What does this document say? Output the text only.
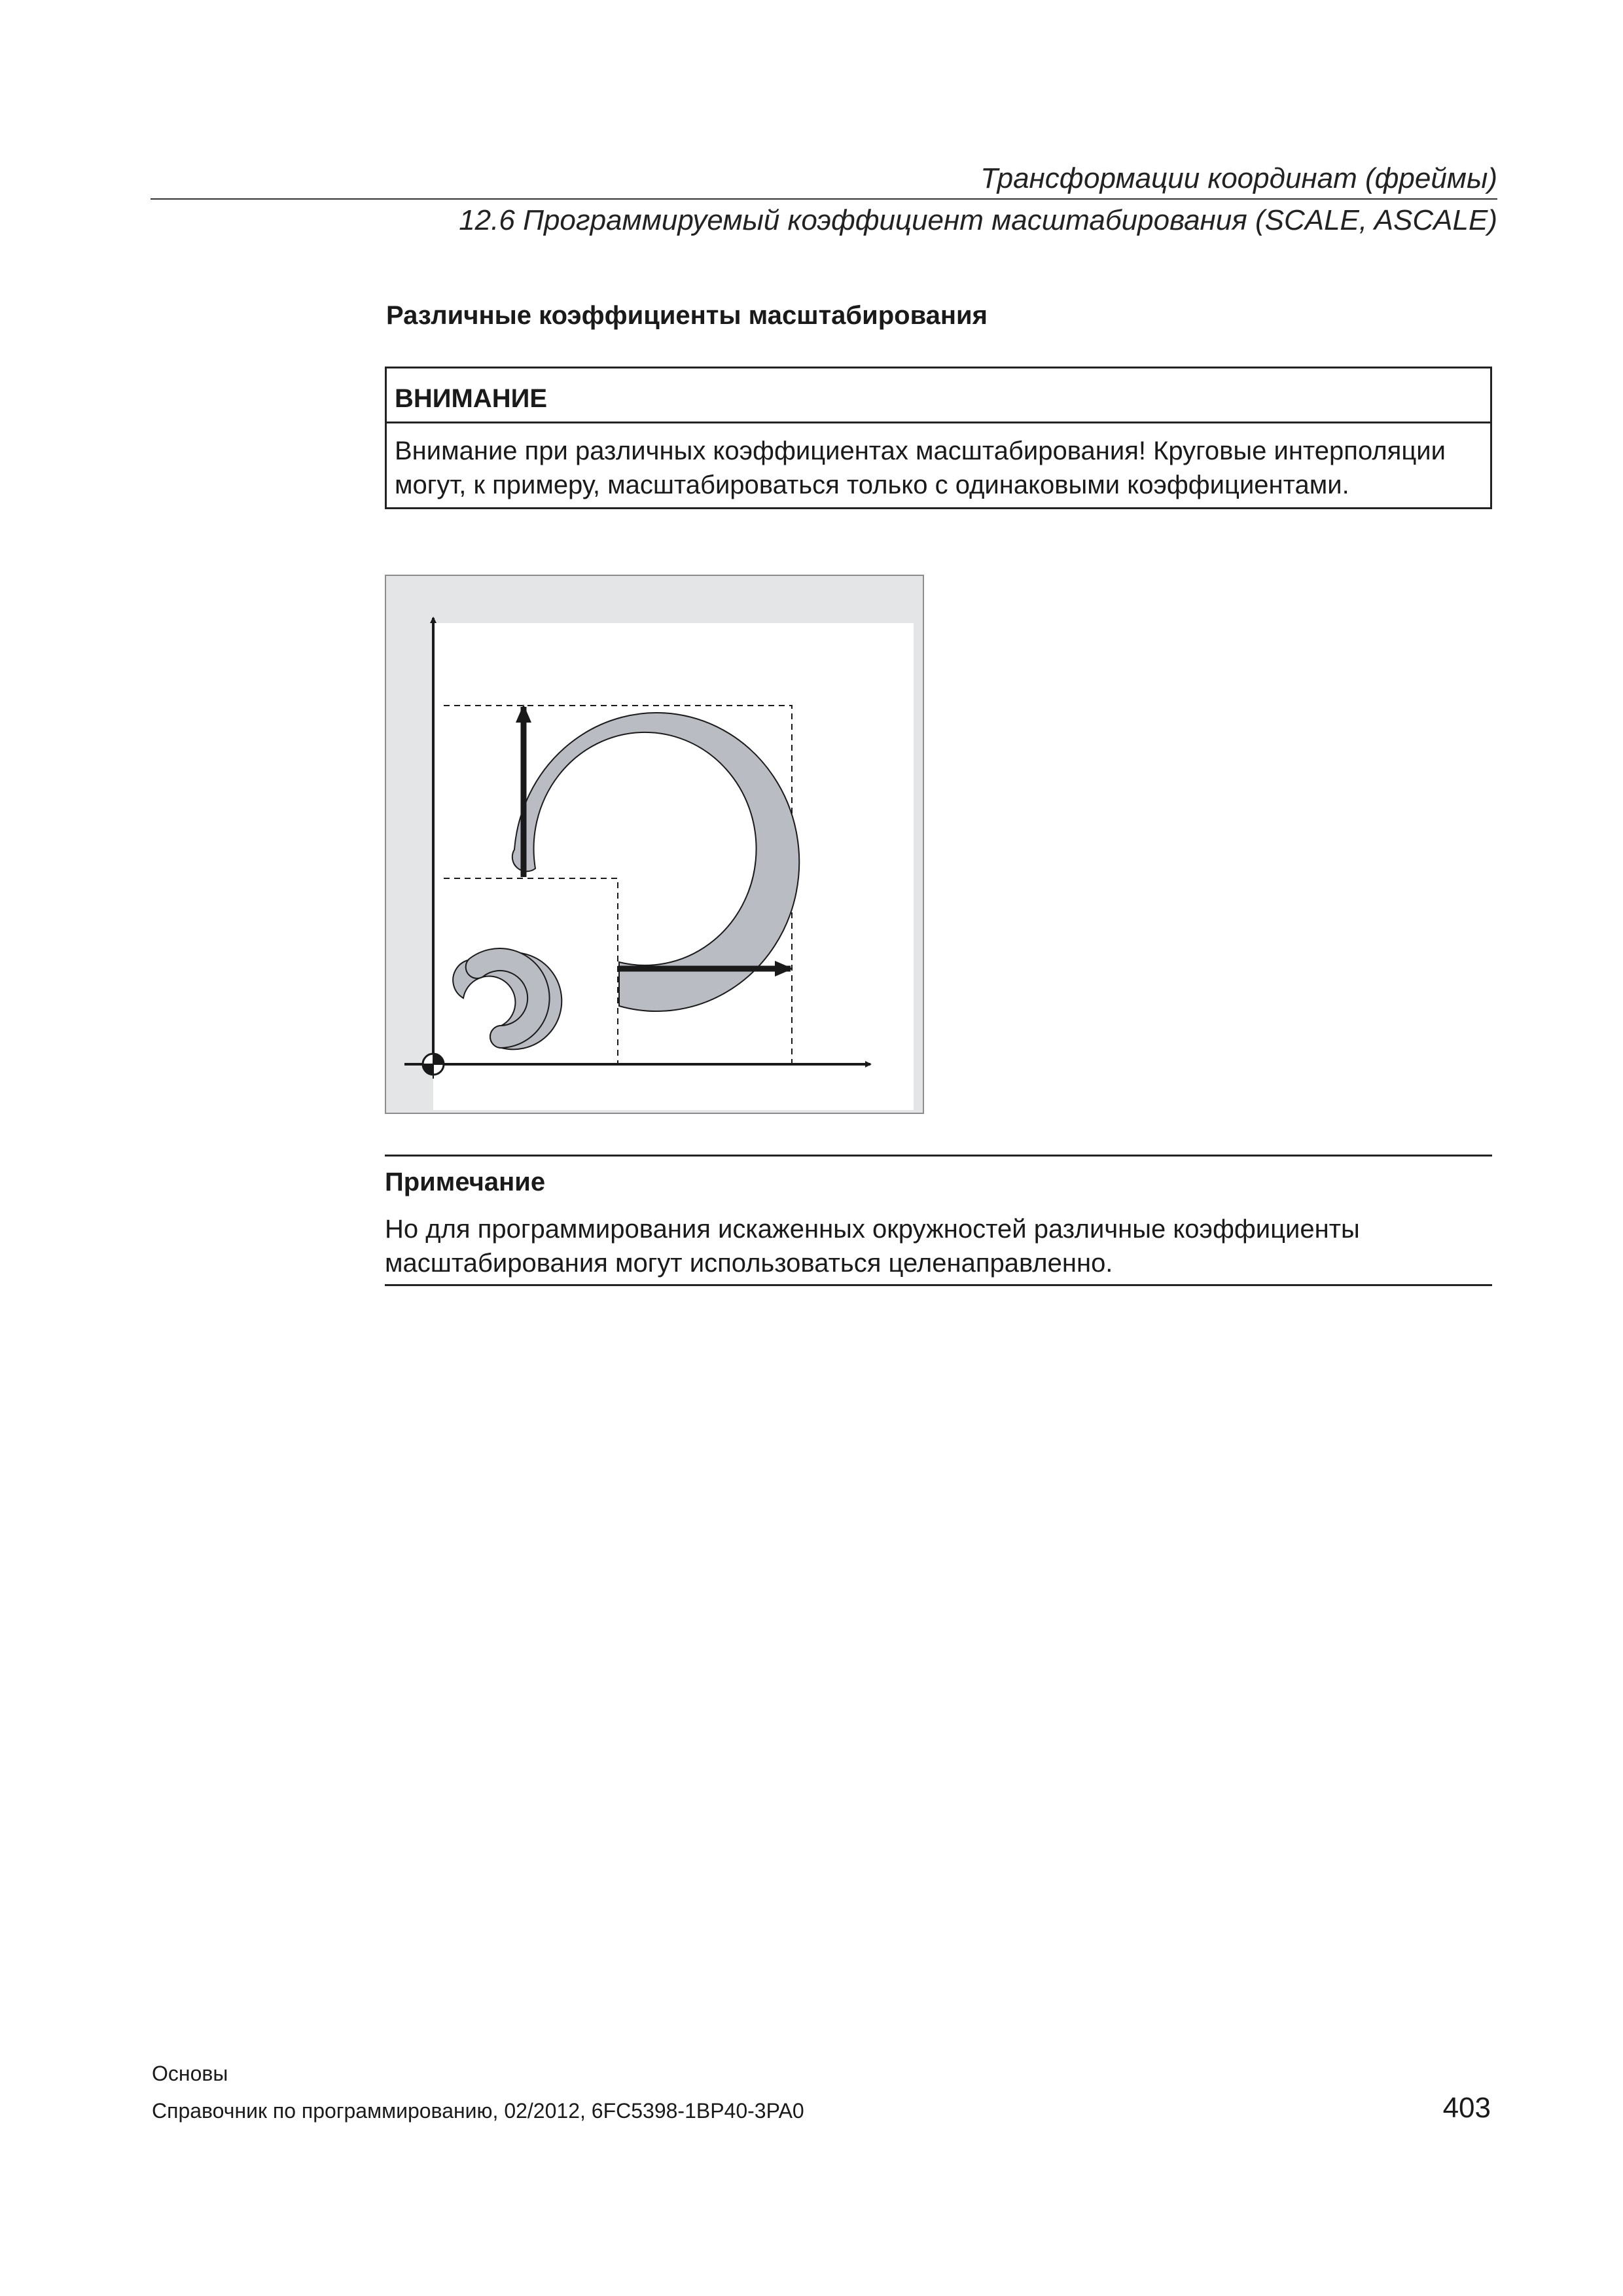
Трансформации координат (фреймы)
12.6 Программируемый коэффициент масштабирования (SCALE, ASCALE)
Различные коэффициенты масштабирования
ВНИМАНИЕ
Внимание при различных коэффициентах масштабирования! Круговые интерполяции могут, к примеру, масштабироваться только с одинаковыми коэффициентами.
Примечание
Но для программирования искаженных окружностей различные коэффициенты масштабирования могут использоваться целенаправленно.
Основы
Справочник по программированию, 02/2012, 6FC5398-1BP40-3PA0	403
